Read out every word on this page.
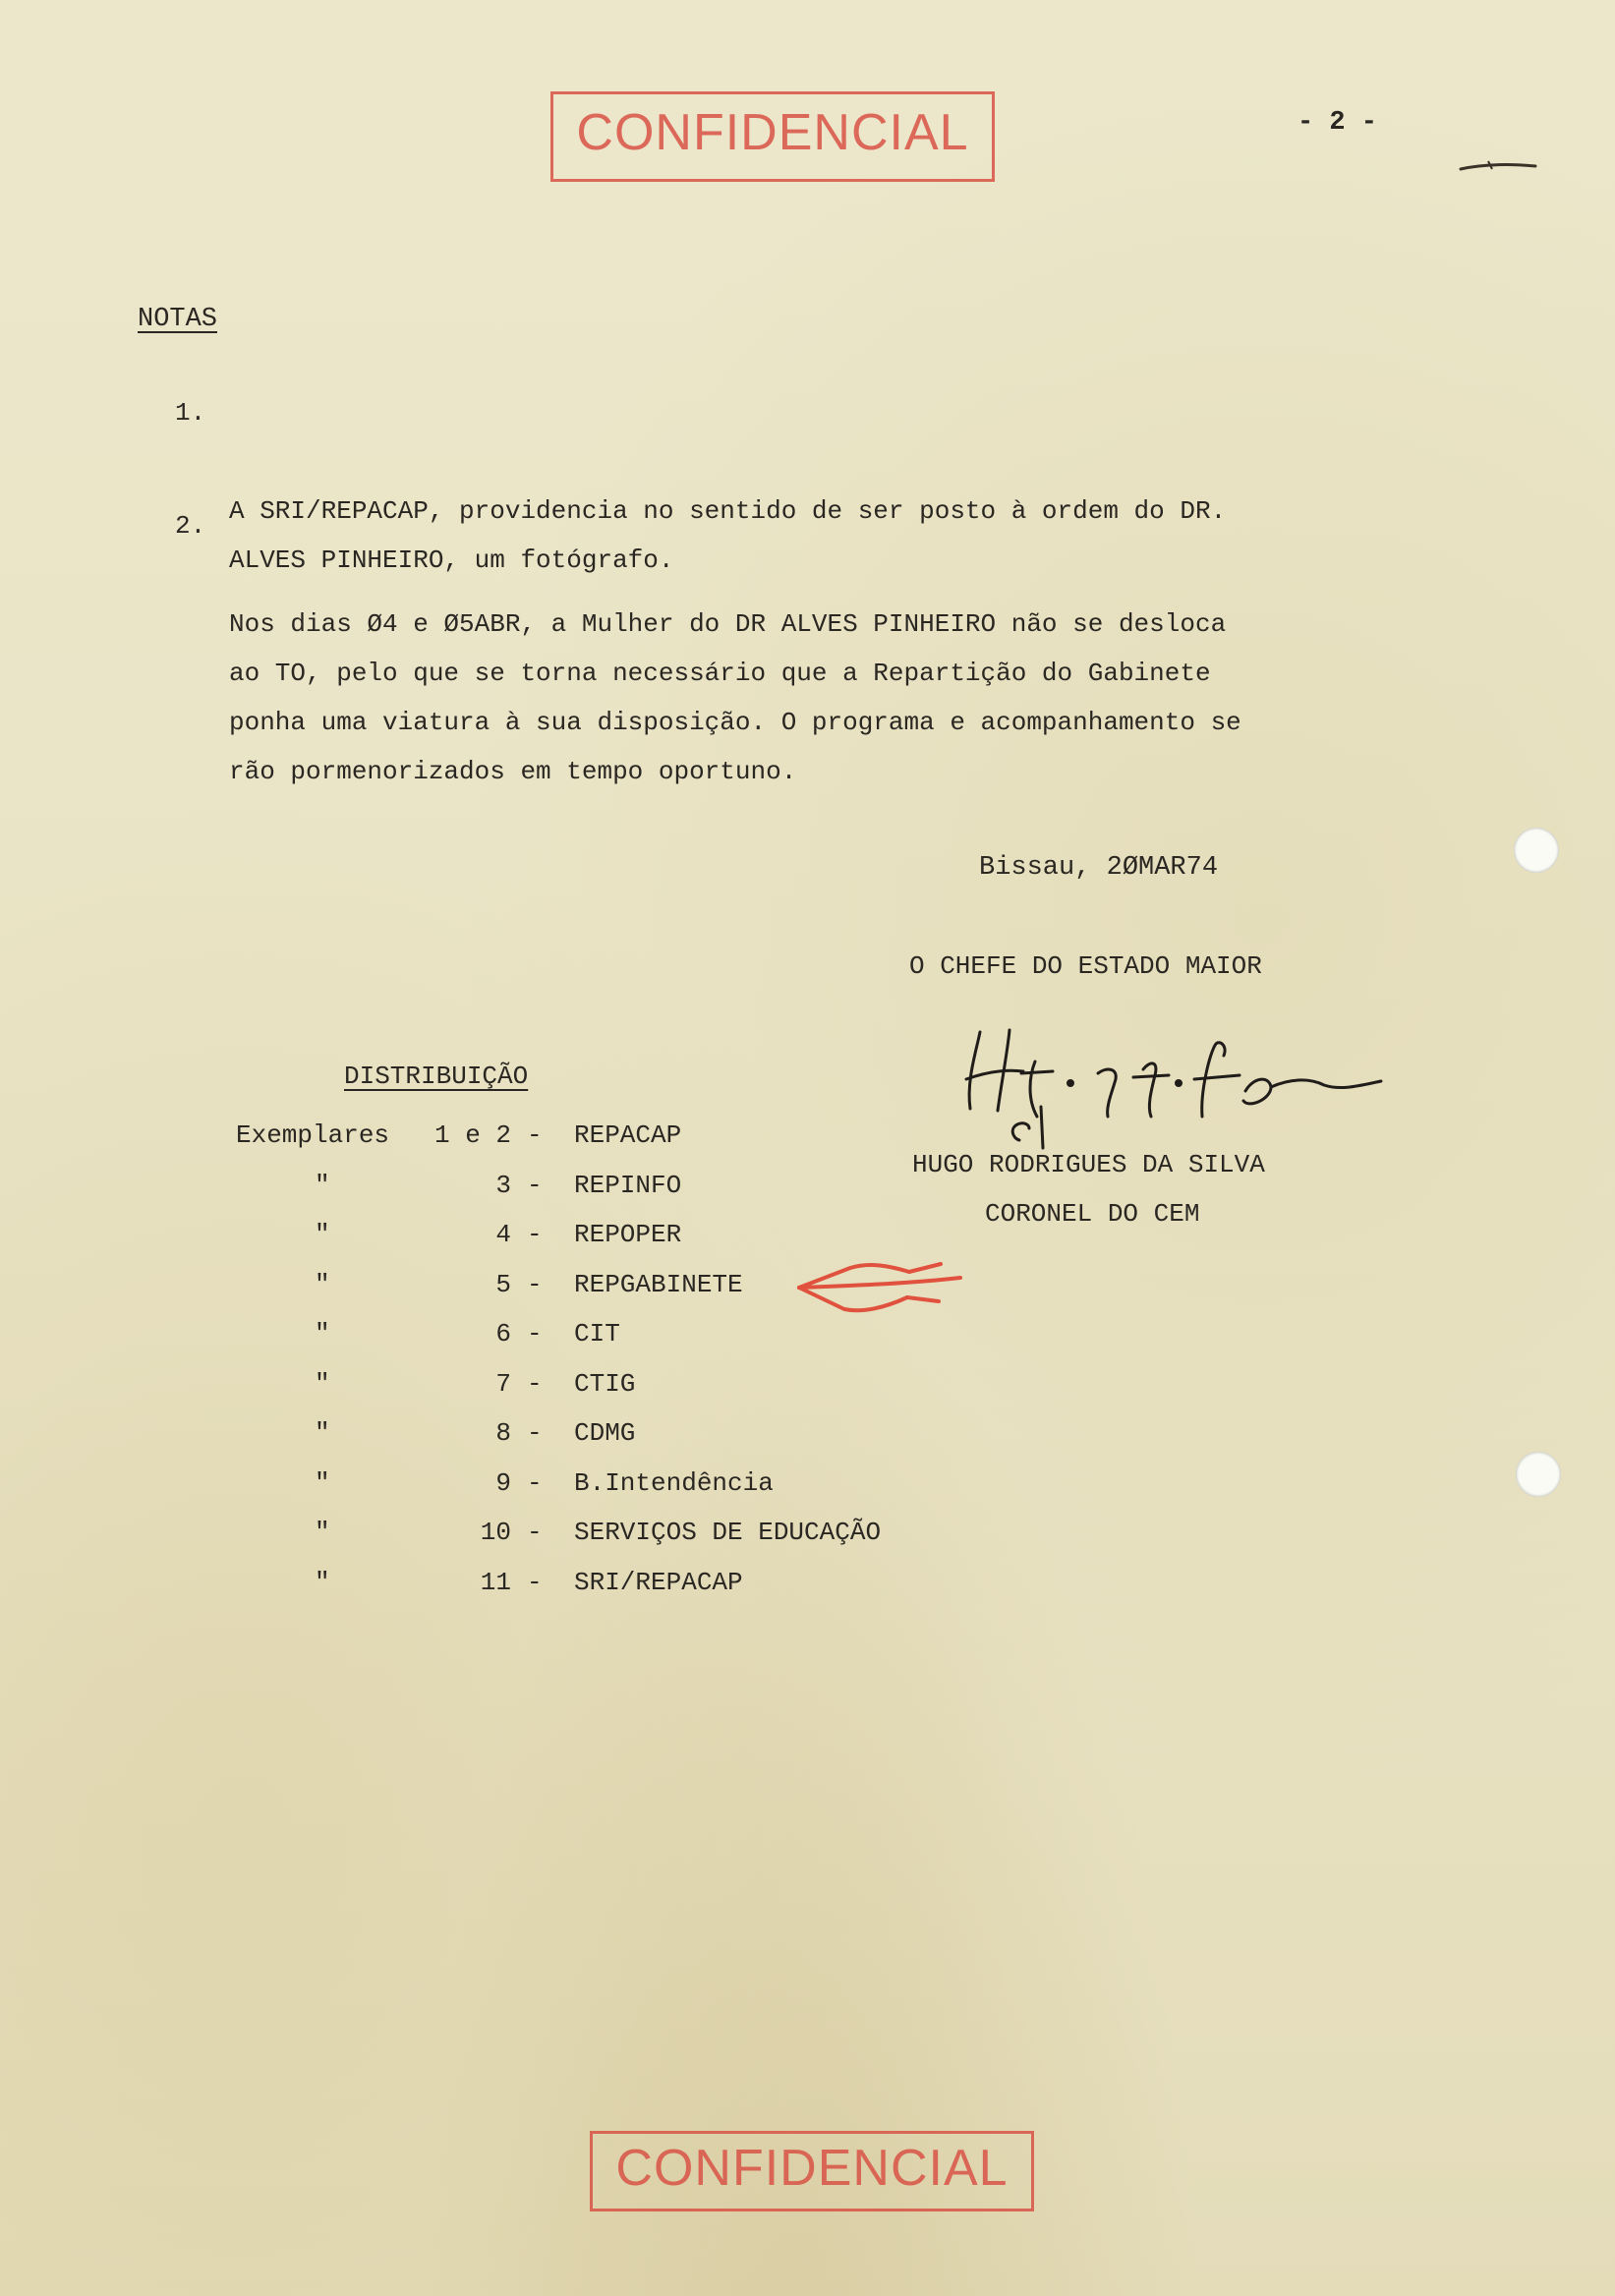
CONFIDENCIAL	- 2 -
NOTAS

1.

A SRI/REPACAP, providencia no sentido de ser posto à ordem do DR.
ALVES PINHEIRO, um fotógrafo.

2.

Nos dias Ø4 e Ø5ABR, a Mulher do DR ALVES PINHEIRO não se desloca
ao TO, pelo que se torna necessário que a Repartição do Gabinete
ponha uma viatura à sua disposição. O programa e acompanhamento se
rão pormenorizados em tempo oportuno.

Bissau, 2ØMAR74
O CHEFE DO ESTADO MAIOR
HUGO RODRIGUES DA SILVA
CORONEL DO CEM
DISTRIBUIÇÃO
Exemplares	1 e 2 - REPACAP
"	3 - REPINFO
"	4 - REPOPER
"	5 - REPGABINETE
"	6 - CIT
"	7 - CTIG
"	8 - CDMG
"	9 - B.Intendência
"	10 - SERVIÇOS DE EDUCAÇÃO
"	11 - SRI/REPACAP
CONFIDENCIAL
